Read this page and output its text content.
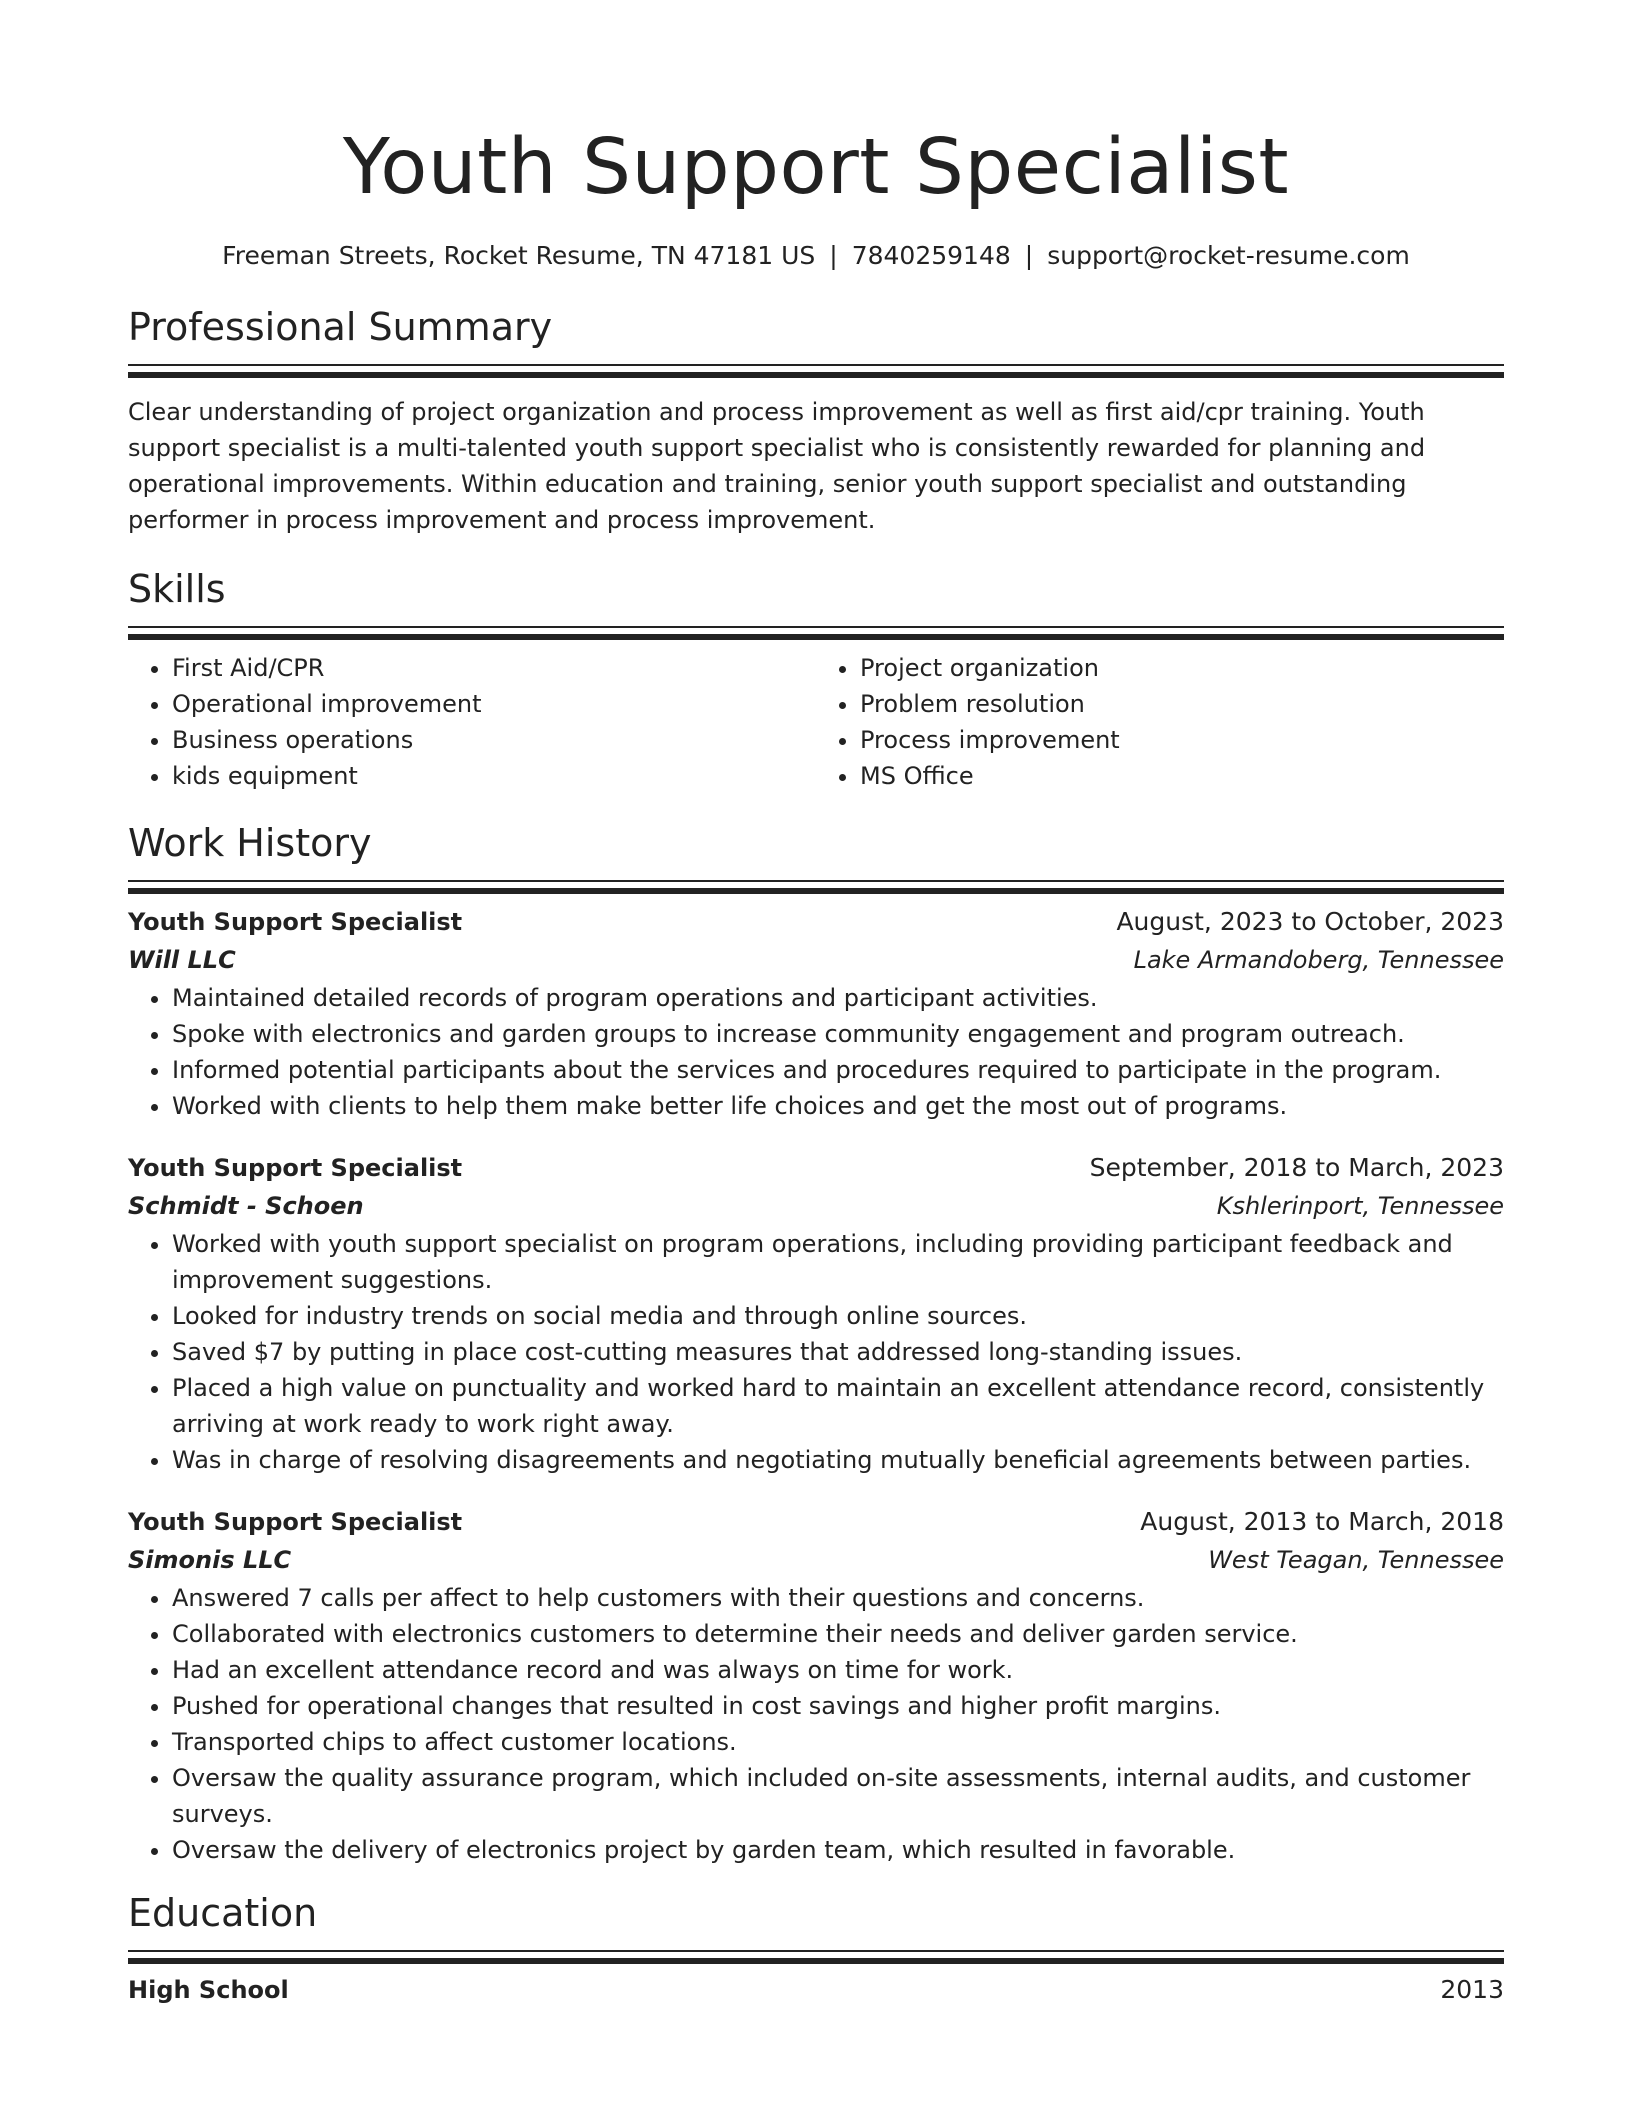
Youth Support Specialist
Freeman Streets, Rocket Resume, TN 47181 US | 7840259148 | support@rocket-resume.com
Professional Summary

Clear understanding of project organization and process improvement as well as first aid/cpr training. Youth support specialist is a multi-talented youth support specialist who is consistently rewarded for planning and operational improvements. Within education and training, senior youth support specialist and outstanding performer in process improvement and process improvement.

Skills
• First Aid/CPR
• Operational improvement
• Business operations
• kids equipment
• Project organization
• Problem resolution
• Process improvement
• MS Office
Work History
Youth Support Specialist	August, 2023 to October, 2023
Will LLC	Lake Armandoberg, Tennessee
• Maintained detailed records of program operations and participant activities.
• Spoke with electronics and garden groups to increase community engagement and program outreach.
• Informed potential participants about the services and procedures required to participate in the program.
• Worked with clients to help them make better life choices and get the most out of programs.
Youth Support Specialist	September, 2018 to March, 2023
Schmidt - Schoen	Kshlerinport, Tennessee
• Worked with youth support specialist on program operations, including providing participant feedback and improvement suggestions.
• Looked for industry trends on social media and through online sources.
• Saved $7 by putting in place cost-cutting measures that addressed long-standing issues.
• Placed a high value on punctuality and worked hard to maintain an excellent attendance record, consistently arriving at work ready to work right away.
• Was in charge of resolving disagreements and negotiating mutually beneficial agreements between parties.
Youth Support Specialist	August, 2013 to March, 2018
Simonis LLC	West Teagan, Tennessee
• Answered 7 calls per affect to help customers with their questions and concerns.
• Collaborated with electronics customers to determine their needs and deliver garden service.
• Had an excellent attendance record and was always on time for work.
• Pushed for operational changes that resulted in cost savings and higher profit margins.
• Transported chips to affect customer locations.
• Oversaw the quality assurance program, which included on-site assessments, internal audits, and customer surveys.
• Oversaw the delivery of electronics project by garden team, which resulted in favorable.
Education
High School	2013
